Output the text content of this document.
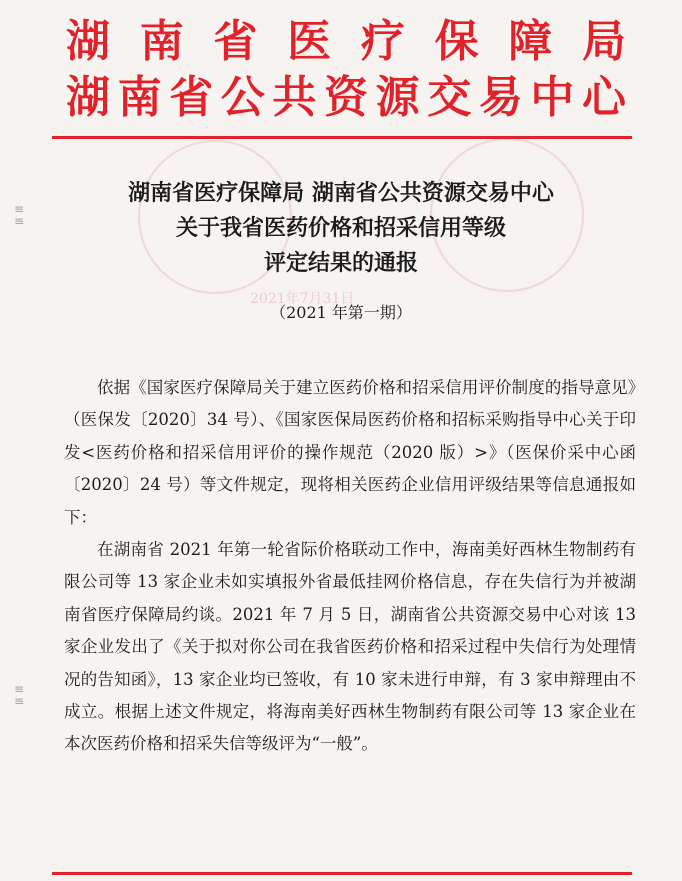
2021年7月31日
湖南省医疗保障局
湖南省公共资源交易中心
湖南省医疗保障局 湖南省公共资源交易中心
关于我省医药价格和招采信用等级
评定结果的通报
（2021 年第一期）

依据《国家医疗保障局关于建立医药价格和招采信用评价制度的指导意见》（医保发〔2020〕34 号）、《国家医保局医药价格和招标采购指导中心关于印发<医药价格和招采信用评价的操作规范（2020 版）>》（医保价采中心函〔2020〕24 号）等文件规定，现将相关医药企业信用评级结果等信息通报如下：

在湖南省 2021 年第一轮省际价格联动工作中，海南美好西林生物制药有限公司等 13 家企业未如实填报外省最低挂网价格信息，存在失信行为并被湖南省医疗保障局约谈。2021 年 7 月 5 日，湖南省公共资源交易中心对该 13 家企业发出了《关于拟对你公司在我省医药价格和招采过程中失信行为处理情况的告知函》，13 家企业均已签收，有 10 家未进行申辩，有 3 家申辩理由不成立。根据上述文件规定，将海南美好西林生物制药有限公司等 13 家企业在本次医药价格和招采失信等级评为“一般”。

≡
≡
≡
≡
